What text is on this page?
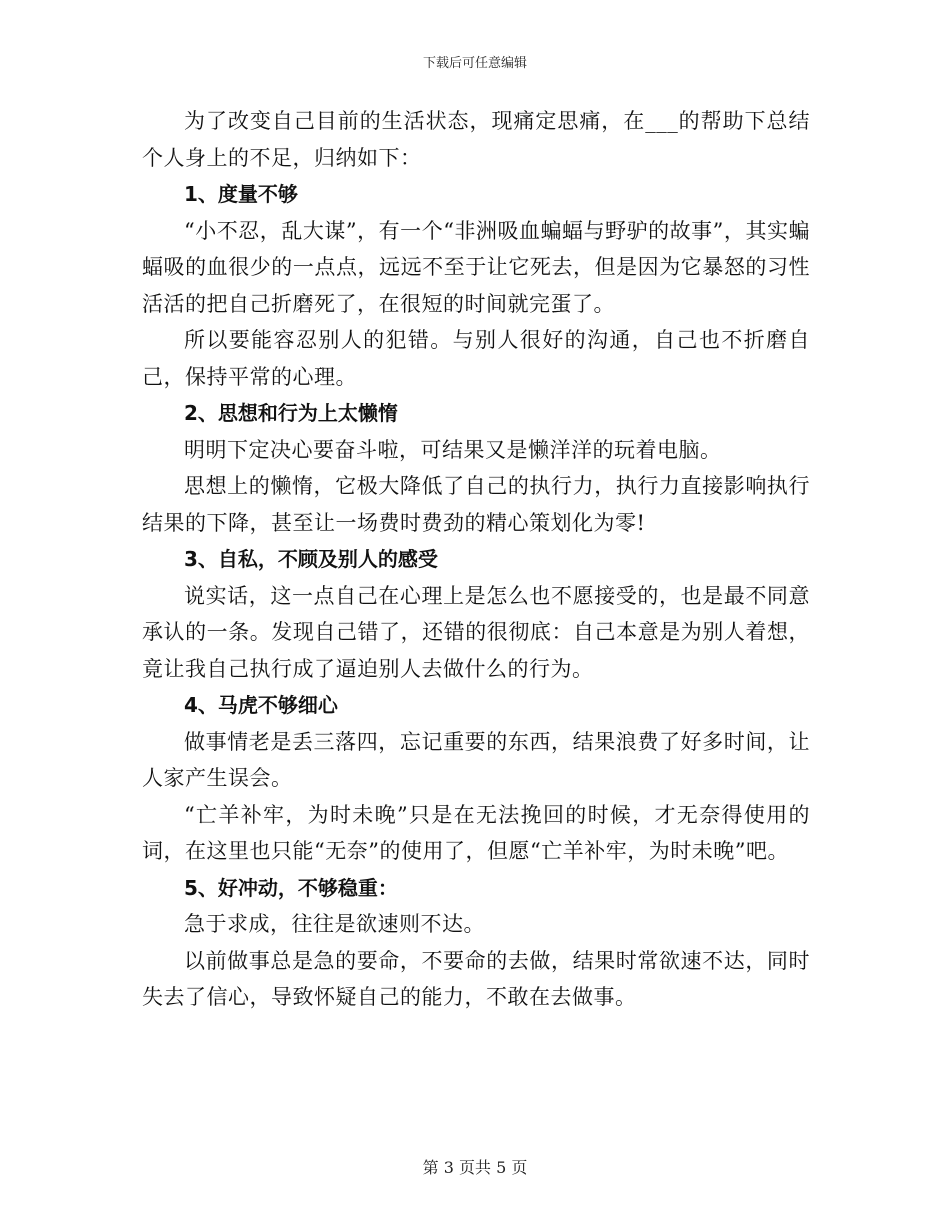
下载后可任意编辑

为了改变自己目前的生活状态，现痛定思痛，在___的帮助下总结个人身上的不足，归纳如下：

1、度量不够

“小不忍，乱大谋”，有一个“非洲吸血蝙蝠与野驴的故事”，其实蝙蝠吸的血很少的一点点，远远不至于让它死去，但是因为它暴怒的习性活活的把自己折磨死了，在很短的时间就完蛋了。

所以要能容忍别人的犯错。与别人很好的沟通，自己也不折磨自己，保持平常的心理。

2、思想和行为上太懒惰

明明下定决心要奋斗啦，可结果又是懒洋洋的玩着电脑。

思想上的懒惰，它极大降低了自己的执行力，执行力直接影响执行结果的下降，甚至让一场费时费劲的精心策划化为零!

3、自私，不顾及别人的感受

说实话，这一点自己在心理上是怎么也不愿接受的，也是最不同意承认的一条。发现自己错了，还错的很彻底：自己本意是为别人着想，竟让我自己执行成了逼迫别人去做什么的行为。

4、马虎不够细心

做事情老是丢三落四，忘记重要的东西，结果浪费了好多时间，让人家产生误会。

“亡羊补牢，为时未晚”只是在无法挽回的时候，才无奈得使用的词，在这里也只能“无奈”的使用了，但愿“亡羊补牢，为时未晚”吧。

5、好冲动，不够稳重：

急于求成，往往是欲速则不达。

以前做事总是急的要命，不要命的去做，结果时常欲速不达，同时失去了信心，导致怀疑自己的能力，不敢在去做事。

第 3 页共 5 页
